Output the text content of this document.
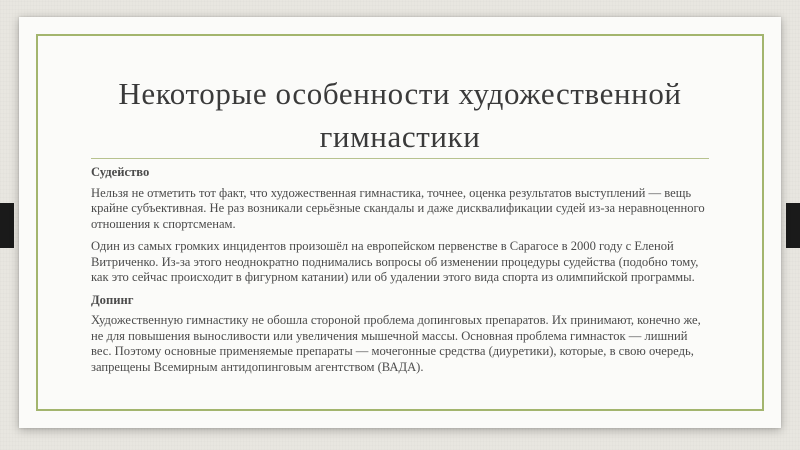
Некоторые особенности художественной
гимнастики

Судейство

Нельзя не отметить тот факт, что художественная гимнастика, точнее, оценка результатов выступлений — вещь крайне субъективная. Не раз возникали серьёзные скандалы и даже дисквалификации судей из-за неравноценного отношения к спортсменам.

Один из самых громких инцидентов произошёл на европейском первенстве в Сарагосе в 2000 году с Еленой Витриченко. Из-за этого неоднократно поднимались вопросы об изменении процедуры судейства (подобно тому, как это сейчас происходит в фигурном катании) или об удалении этого вида спорта из олимпийской программы.

Допинг

Художественную гимнастику не обошла стороной проблема допинговых препаратов. Их принимают, конечно же, не для повышения выносливости или увеличения мышечной массы. Основная проблема гимнасток — лишний вес. Поэтому основные применяемые препараты — мочегонные средства (диуретики), которые, в свою очередь, запрещены Всемирным антидопинговым агентством (ВАДА).
